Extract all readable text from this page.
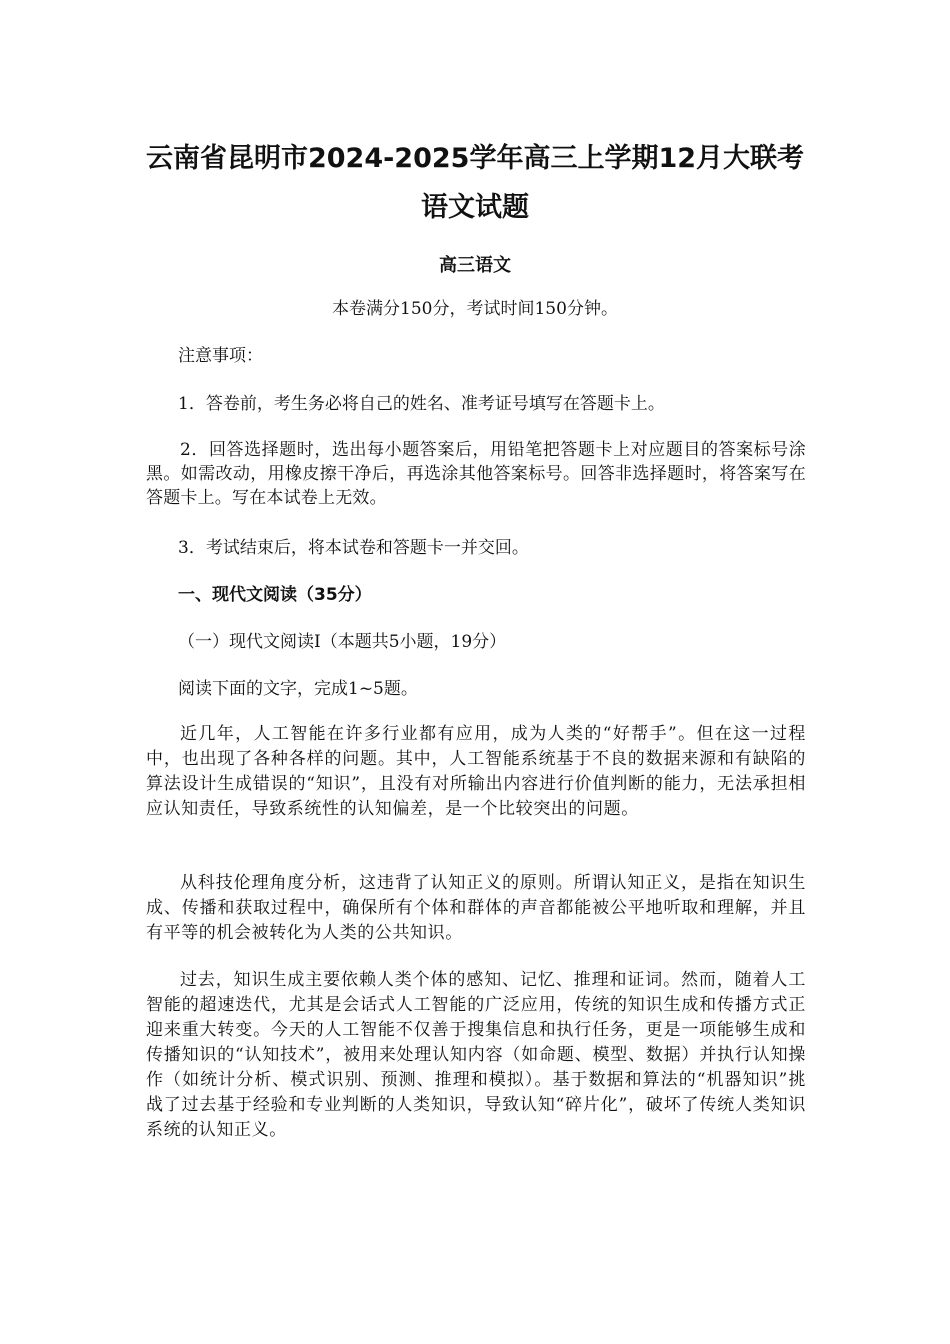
云南省昆明市2024-2025学年高三上学期12月大联考
语文试题
高三语文
本卷满分150分，考试时间150分钟。
注意事项：
1．答卷前，考生务必将自己的姓名、准考证号填写在答题卡上。
2．回答选择题时，选出每小题答案后，用铅笔把答题卡上对应题目的答案标号涂黑。如需改动，用橡皮擦干净后，再选涂其他答案标号。回答非选择题时，将答案写在答题卡上。写在本试卷上无效。
3．考试结束后，将本试卷和答题卡一并交回。
一、现代文阅读（35分）
（一）现代文阅读Ⅰ（本题共5小题，19分）
阅读下面的文字，完成1~5题。
近几年，人工智能在许多行业都有应用，成为人类的“好帮手”。但在这一过程中，也出现了各种各样的问题。其中，人工智能系统基于不良的数据来源和有缺陷的算法设计生成错误的“知识”，且没有对所输出内容进行价值判断的能力，无法承担相应认知责任，导致系统性的认知偏差，是一个比较突出的问题。
从科技伦理角度分析，这违背了认知正义的原则。所谓认知正义，是指在知识生成、传播和获取过程中，确保所有个体和群体的声音都能被公平地听取和理解，并且有平等的机会被转化为人类的公共知识。
过去，知识生成主要依赖人类个体的感知、记忆、推理和证词。然而，随着人工智能的超速迭代，尤其是会话式人工智能的广泛应用，传统的知识生成和传播方式正迎来重大转变。今天的人工智能不仅善于搜集信息和执行任务，更是一项能够生成和传播知识的“认知技术”，被用来处理认知内容（如命题、模型、数据）并执行认知操作（如统计分析、模式识别、预测、推理和模拟）。基于数据和算法的“机器知识”挑战了过去基于经验和专业判断的人类知识，导致认知“碎片化”，破坏了传统人类知识系统的认知正义。
